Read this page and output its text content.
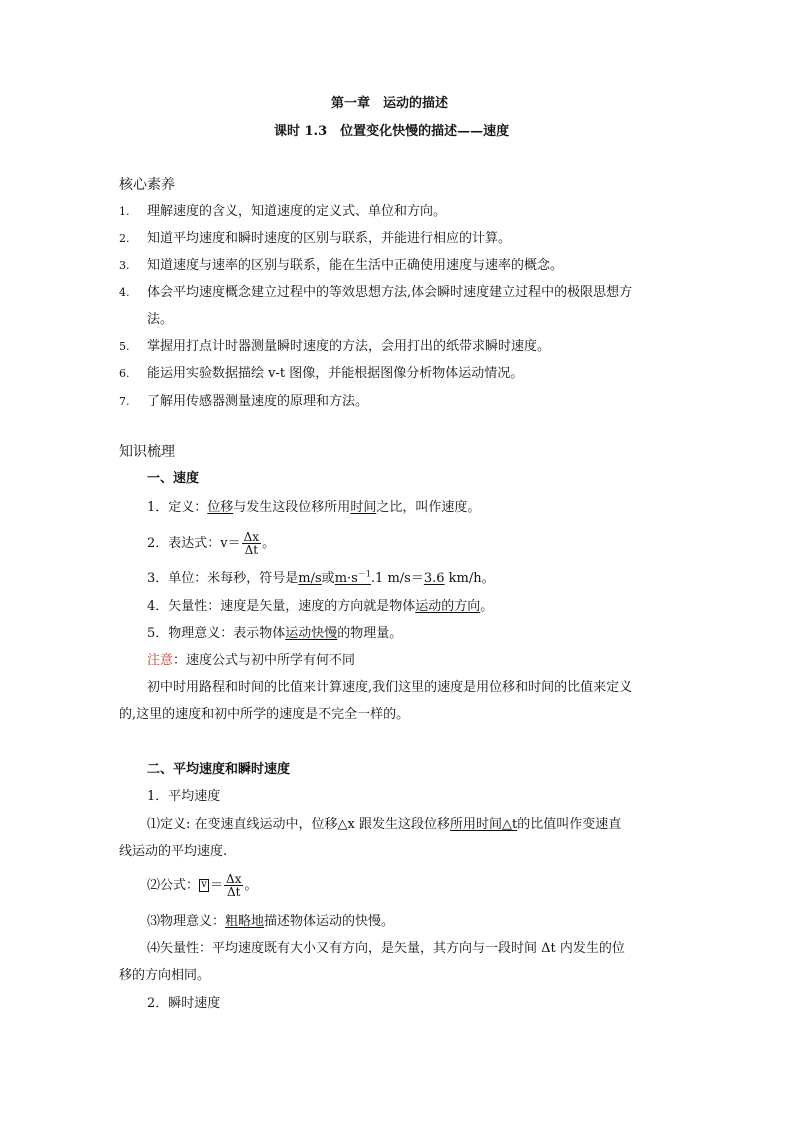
第一章　运动的描述
课时 1.3　位置变化快慢的描述——速度
核心素养
1. 理解速度的含义，知道速度的定义式、单位和方向。
2. 知道平均速度和瞬时速度的区别与联系，并能进行相应的计算。
3. 知道速度与速率的区别与联系，能在生活中正确使用速度与速率的概念。
4. 体会平均速度概念建立过程中的等效思想方法,体会瞬时速度建立过程中的极限思想方
法。
5. 掌握用打点计时器测量瞬时速度的方法，会用打出的纸带求瞬时速度。
6. 能运用实验数据描绘 v-t 图像，并能根据图像分析物体运动情况。
7. 了解用传感器测量速度的原理和方法。
知识梳理
一、速度
1．定义：位移与发生这段位移所用时间之比，叫作速度。
2．表达式：$v= \frac{\Delta x}{\Delta t}$ 。
3．单位：米每秒，符号是m/s或$m\cdot s^{-1}.1$ m/s＝3.6 km/h。
4．矢量性：速度是矢量，速度的方向就是物体运动的方向。
5．物理意义：表示物体运动快慢的物理量。
注意：速度公式与初中所学有何不同
初中时用路程和时间的比值来计算速度,我们这里的速度是用位移和时间的比值来定义
的,这里的速度和初中所学的速度是不完全一样的。
二、平均速度和瞬时速度
1．平均速度
⑴定义: 在变速直线运动中，位移△x 跟发生这段位移所用时间△t的比值叫作变速直
线运动的平均速度.
⑵公式： $v = \frac{\Delta x}{\Delta t}$ 。
⑶物理意义：粗略地描述物体运动的快慢。
⑷矢量性：平均速度既有大小又有方向，是矢量，其方向与一段时间 Δt 内发生的位
移的方向相同。
2．瞬时速度
